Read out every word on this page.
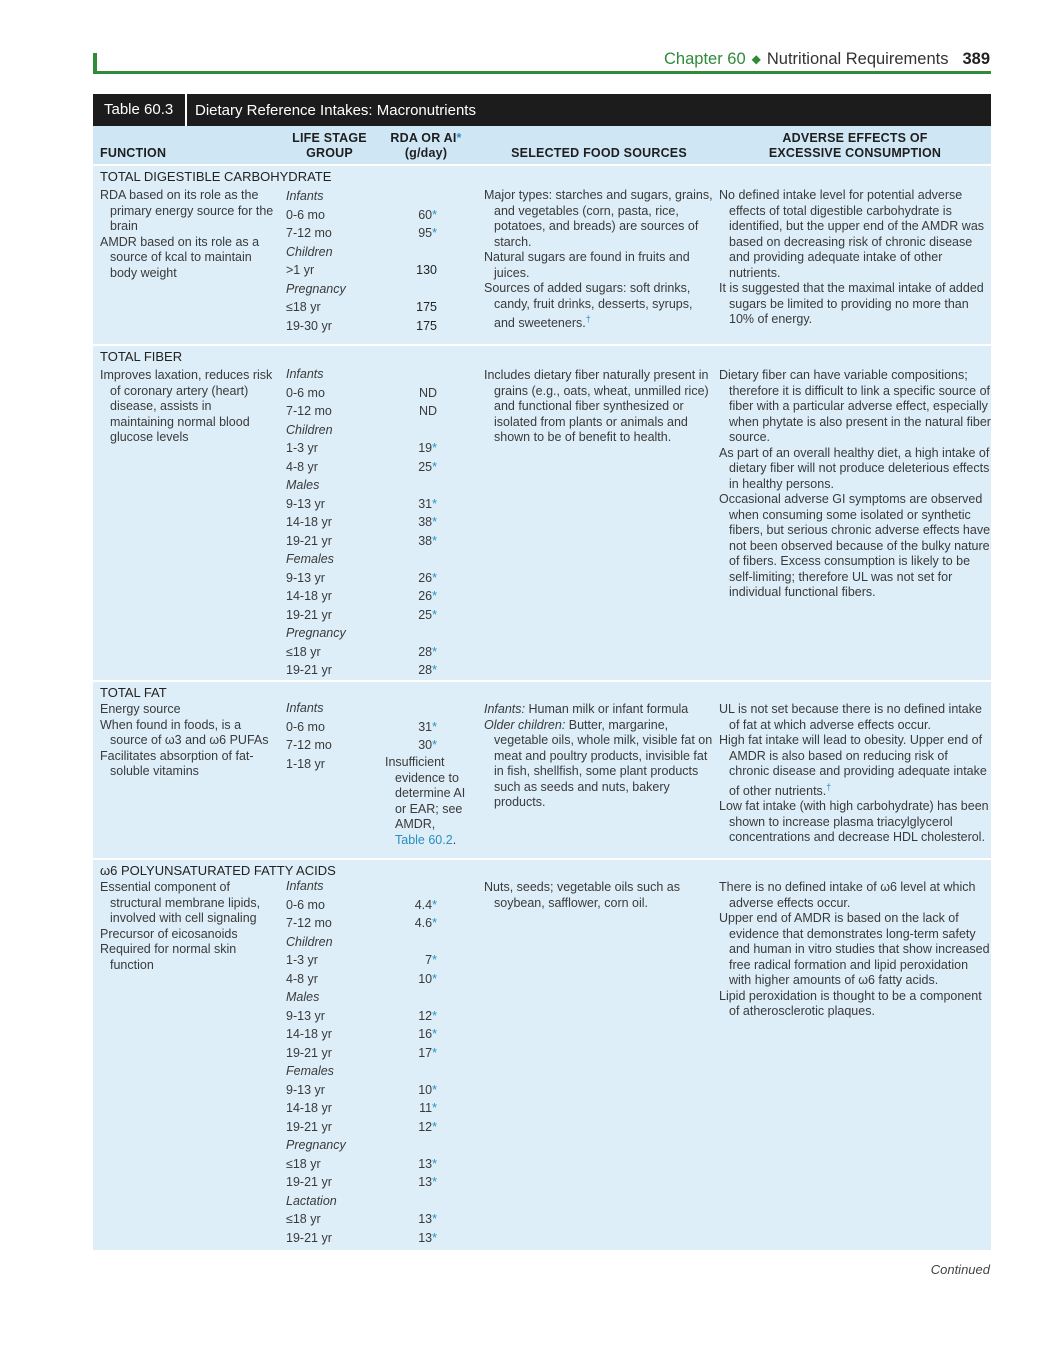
Chapter 60 ◆ Nutritional Requirements 389
Table 60.3	Dietary Reference Intakes: Macronutrients
FUNCTION
LIFE STAGE
GROUP
RDA OR AI*
(g/day)	SELECTED FOOD SOURCES
ADVERSE EFFECTS OF
EXCESSIVE CONSUMPTION
TOTAL DIGESTIBLE CARBOHYDRATE

RDA based on its role as the primary energy source for the brain

AMDR based on its role as a source of kcal to maintain body weight

Infants
0-6 mo
7-12 mo
Children
>1 yr
Pregnancy
≤18 yr
19-30 yr

60*
95*

130

175
175

Major types: starches and sugars, grains, and vegetables (corn, pasta, rice, potatoes, and breads) are sources of starch.

Natural sugars are found in fruits and juices.

Sources of added sugars: soft drinks, candy, fruit drinks, desserts, syrups, and sweeteners.†

No defined intake level for potential adverse effects of total digestible carbohydrate is identified, but the upper end of the AMDR was based on decreasing risk of chronic disease and providing adequate intake of other nutrients.

It is suggested that the maximal intake of added sugars be limited to providing no more than 10% of energy.

TOTAL FIBER

Improves laxation, reduces risk of coronary artery (heart) disease, assists in maintaining normal blood glucose levels

Infants
0-6 mo
7-12 mo
Children
1-3 yr
4-8 yr
Males
9-13 yr
14-18 yr
19-21 yr
Females
9-13 yr
14-18 yr
19-21 yr
Pregnancy
≤18 yr
19-21 yr

ND
ND

19*
25*

31*
38*
38*

26*
26*
25*

28*
28*

Includes dietary fiber naturally present in grains (e.g., oats, wheat, unmilled rice) and functional fiber synthesized or isolated from plants or animals and shown to be of benefit to health.

Dietary fiber can have variable compositions; therefore it is difficult to link a specific source of fiber with a particular adverse effect, especially when phytate is also present in the natural fiber source.

As part of an overall healthy diet, a high intake of dietary fiber will not produce deleterious effects in healthy persons.

Occasional adverse GI symptoms are observed when consuming some isolated or synthetic fibers, but serious chronic adverse effects have not been observed because of the bulky nature of fibers. Excess consumption is likely to be self-limiting; therefore UL was not set for individual functional fibers.

TOTAL FAT

Energy source

When found in foods, is a source of ω3 and ω6 PUFAs

Facilitates absorption of fat-soluble vitamins

Infants
0-6 mo
7-12 mo
1-18 yr

31*
30*

Insufficient evidence to determine AI or EAR; see AMDR, Table 60.2.

Infants: Human milk or infant formula

Older children: Butter, margarine, vegetable oils, whole milk, visible fat on meat and poultry products, invisible fat in fish, shellfish, some plant products such as seeds and nuts, bakery products.

UL is not set because there is no defined intake of fat at which adverse effects occur.

High fat intake will lead to obesity. Upper end of AMDR is also based on reducing risk of chronic disease and providing adequate intake of other nutrients.†

Low fat intake (with high carbohydrate) has been shown to increase plasma triacylglycerol concentrations and decrease HDL cholesterol.

ω6 POLYUNSATURATED FATTY ACIDS

Essential component of structural membrane lipids, involved with cell signaling

Precursor of eicosanoids

Required for normal skin function

Infants
0-6 mo
7-12 mo
Children
1-3 yr
4-8 yr
Males
9-13 yr
14-18 yr
19-21 yr
Females
9-13 yr
14-18 yr
19-21 yr
Pregnancy
≤18 yr
19-21 yr
Lactation
≤18 yr
19-21 yr

4.4*
4.6*

7*
10*

12*
16*
17*

10*
11*
12*

13*
13*

13*
13*

Nuts, seeds; vegetable oils such as soybean, safflower, corn oil.

There is no defined intake of ω6 level at which adverse effects occur.

Upper end of AMDR is based on the lack of evidence that demonstrates long-term safety and human in vitro studies that show increased free radical formation and lipid peroxidation with higher amounts of ω6 fatty acids.

Lipid peroxidation is thought to be a component of atherosclerotic plaques.

Continued
